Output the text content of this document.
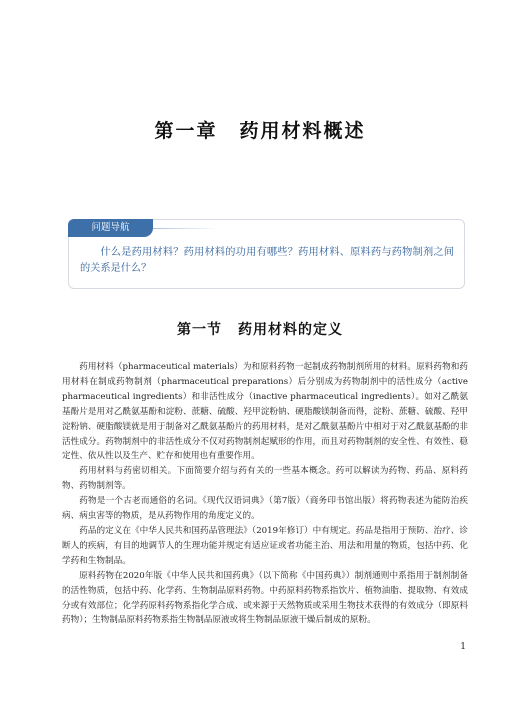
第一章 药用材料概述
问题导航
什么是药用材料？药用材料的功用有哪些？药用材料、原料药与药物制剂之间的关系是什么？
第一节 药用材料的定义

药用材料（pharmaceutical materials）为和原料药物一起制成药物制剂所用的材料。原料药物和药用材料在制成药物制剂（pharmaceutical preparations）后分别成为药物制剂中的活性成分（active pharmaceutical ingredients）和非活性成分（inactive pharmaceutical ingredients）。如对乙酰氨基酚片是用对乙酰氨基酚和淀粉、蔗糖、硫酸、羟甲淀粉钠、硬脂酸镁制备而得，淀粉、蔗糖、硫酸、羟甲淀粉钠、硬脂酸镁就是用于制备对乙酰氨基酚片的药用材料，是对乙酰氨基酚片中相对于对乙酰氨基酚的非活性成分。药物制剂中的非活性成分不仅对药物制剂起赋形的作用，而且对药物制剂的安全性、有效性、稳定性、依从性以及生产、贮存和使用也有重要作用。

药用材料与药密切相关。下面简要介绍与药有关的一些基本概念。药可以解读为药物、药品、原料药物、药物制剂等。

药物是一个古老而通俗的名词。《现代汉语词典》（第7版）（商务印书馆出版）将药物表述为能防治疾病、病虫害等的物质，是从药物作用的角度定义的。

药品的定义在《中华人民共和国药品管理法》（2019年修订）中有规定。药品是指用于预防、治疗、诊断人的疾病，有目的地调节人的生理功能并规定有适应证或者功能主治、用法和用量的物质，包括中药、化学药和生物制品。

原料药物在2020年版《中华人民共和国药典》（以下简称《中国药典》）制剂通则中系指用于制剂制备的活性物质，包括中药、化学药、生物制品原料药物。中药原料药物系指饮片、植物油脂、提取物、有效成分或有效部位；化学药原料药物系指化学合成、或来源于天然物质或采用生物技术获得的有效成分（即原料药物）；生物制品原料药物系指生物制品原液或将生物制品原液干燥后制成的原粉。

1
